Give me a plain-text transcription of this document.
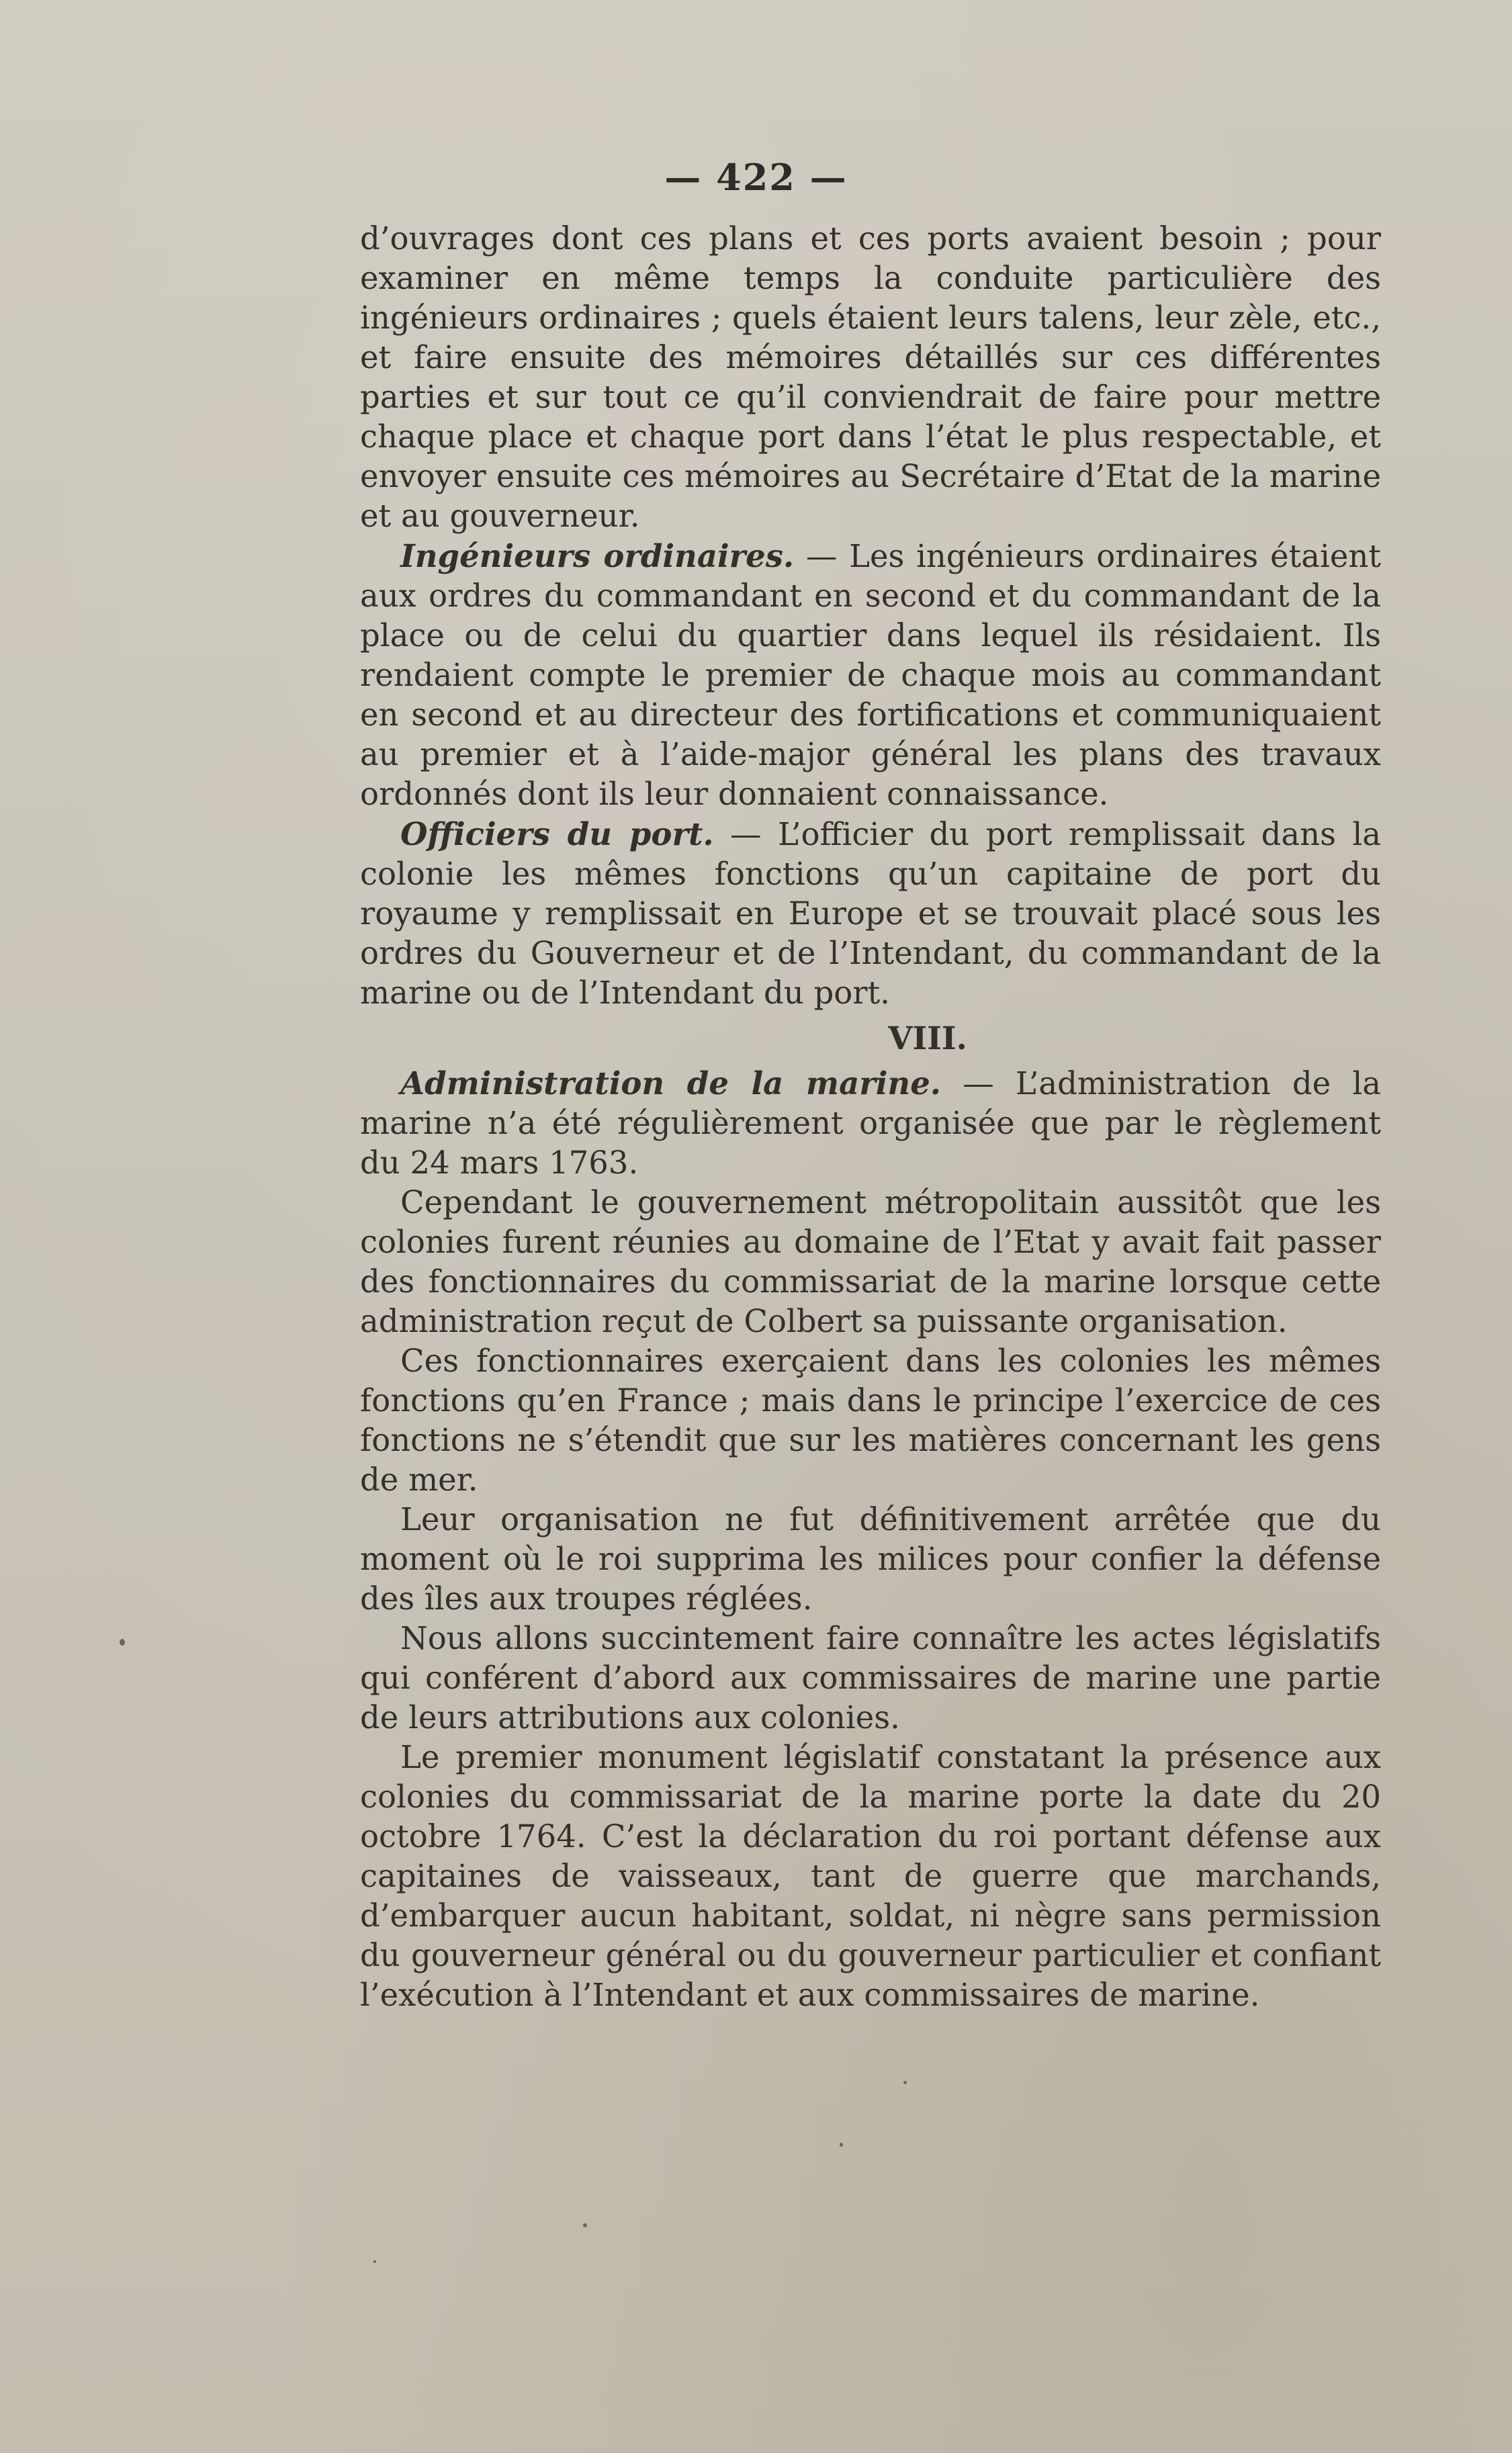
— 422 —

d’ouvrages dont ces plans et ces ports avaient besoin ; pour examiner en même temps la conduite particulière des ingénieurs ordinaires ; quels étaient leurs talens, leur zèle, etc., et faire ensuite des mémoires détaillés sur ces différentes parties et sur tout ce qu’il conviendrait de faire pour mettre chaque place et chaque port dans l’état le plus respectable, et envoyer ensuite ces mémoires au Secrétaire d’Etat de la marine et au gouverneur.

Ingénieurs ordinaires. — Les ingénieurs ordinaires étaient aux ordres du commandant en second et du commandant de la place ou de celui du quartier dans lequel ils résidaient. Ils rendaient compte le premier de chaque mois au commandant en second et au directeur des fortifications et communiquaient au premier et à l’aide-major général les plans des travaux ordonnés dont ils leur donnaient connaissance.

Officiers du port. — L’officier du port remplissait dans la colonie les mêmes fonctions qu’un capitaine de port du royaume y remplissait en Europe et se trouvait placé sous les ordres du Gouverneur et de l’Intendant, du commandant de la marine ou de l’Intendant du port.

VIII.

Administration de la marine. — L’administration de la marine n’a été régulièrement organisée que par le règlement du 24 mars 1763.

Cependant le gouvernement métropolitain aussitôt que les colonies furent réunies au domaine de l’Etat y avait fait passer des fonctionnaires du commissariat de la marine lorsque cette administration reçut de Colbert sa puissante organisation.

Ces fonctionnaires exerçaient dans les colonies les mêmes fonctions qu’en France ; mais dans le principe l’exercice de ces fonctions ne s’étendit que sur les matières concernant les gens de mer.

Leur organisation ne fut définitivement arrêtée que du moment où le roi supprima les milices pour confier la défense des îles aux troupes réglées.

Nous allons succintement faire connaître les actes législatifs qui conférent d’abord aux commissaires de marine une partie de leurs attributions aux colonies.

Le premier monument législatif constatant la présence aux colonies du commissariat de la marine porte la date du 20 octobre 1764. C’est la déclaration du roi portant défense aux capitaines de vaisseaux, tant de guerre que marchands, d’embarquer aucun habitant, soldat, ni nègre sans permission du gouverneur général ou du gouverneur particulier et confiant l’exécution à l’Intendant et aux commissaires de marine.
